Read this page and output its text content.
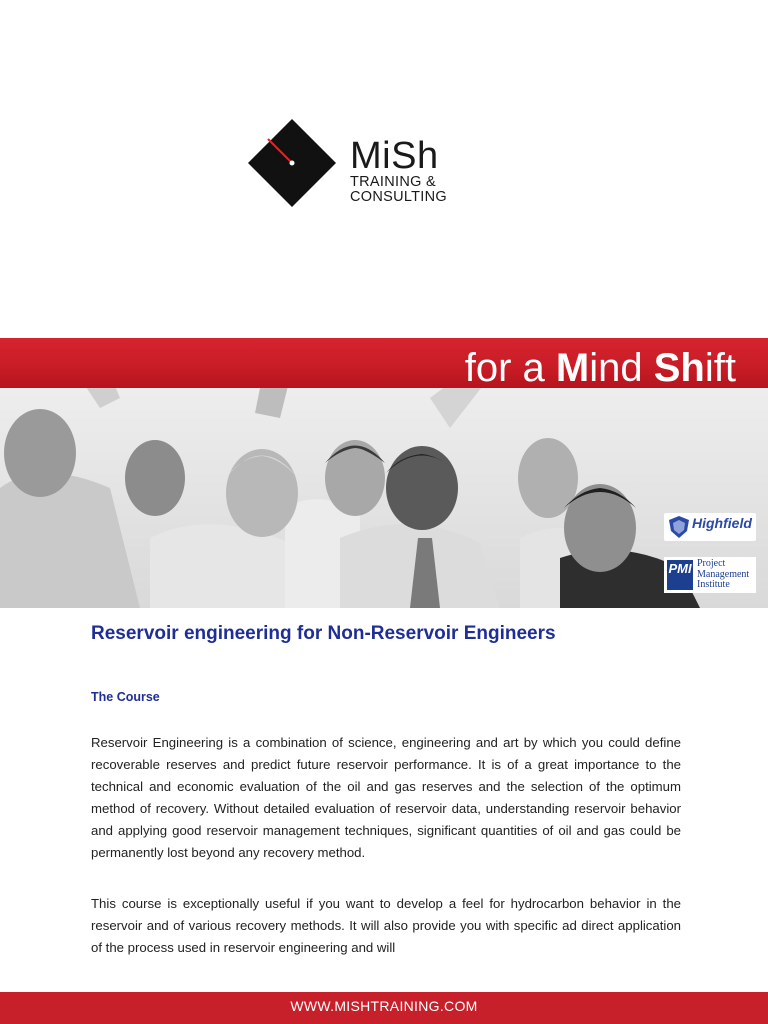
MiSh
TRAINING &
CONSULTING
for a Mind Shift
Highfield
PMI Project
Management
Institute
Reservoir engineering for Non-Reservoir Engineers
The Course

Reservoir Engineering is a combination of science, engineering and art by which you could define recoverable reserves and predict future reservoir performance. It is of a great importance to the technical and economic evaluation of the oil and gas reserves and the selection of the optimum method of recovery. Without detailed evaluation of reservoir data, understanding reservoir behavior and applying good reservoir management techniques, significant quantities of oil and gas could be permanently lost beyond any recovery method.

This course is exceptionally useful if you want to develop a feel for hydrocarbon behavior in the reservoir and of various recovery methods. It will also provide you with specific ad direct application of the process used in reservoir engineering and will

WWW.MISHTRAINING.COM
